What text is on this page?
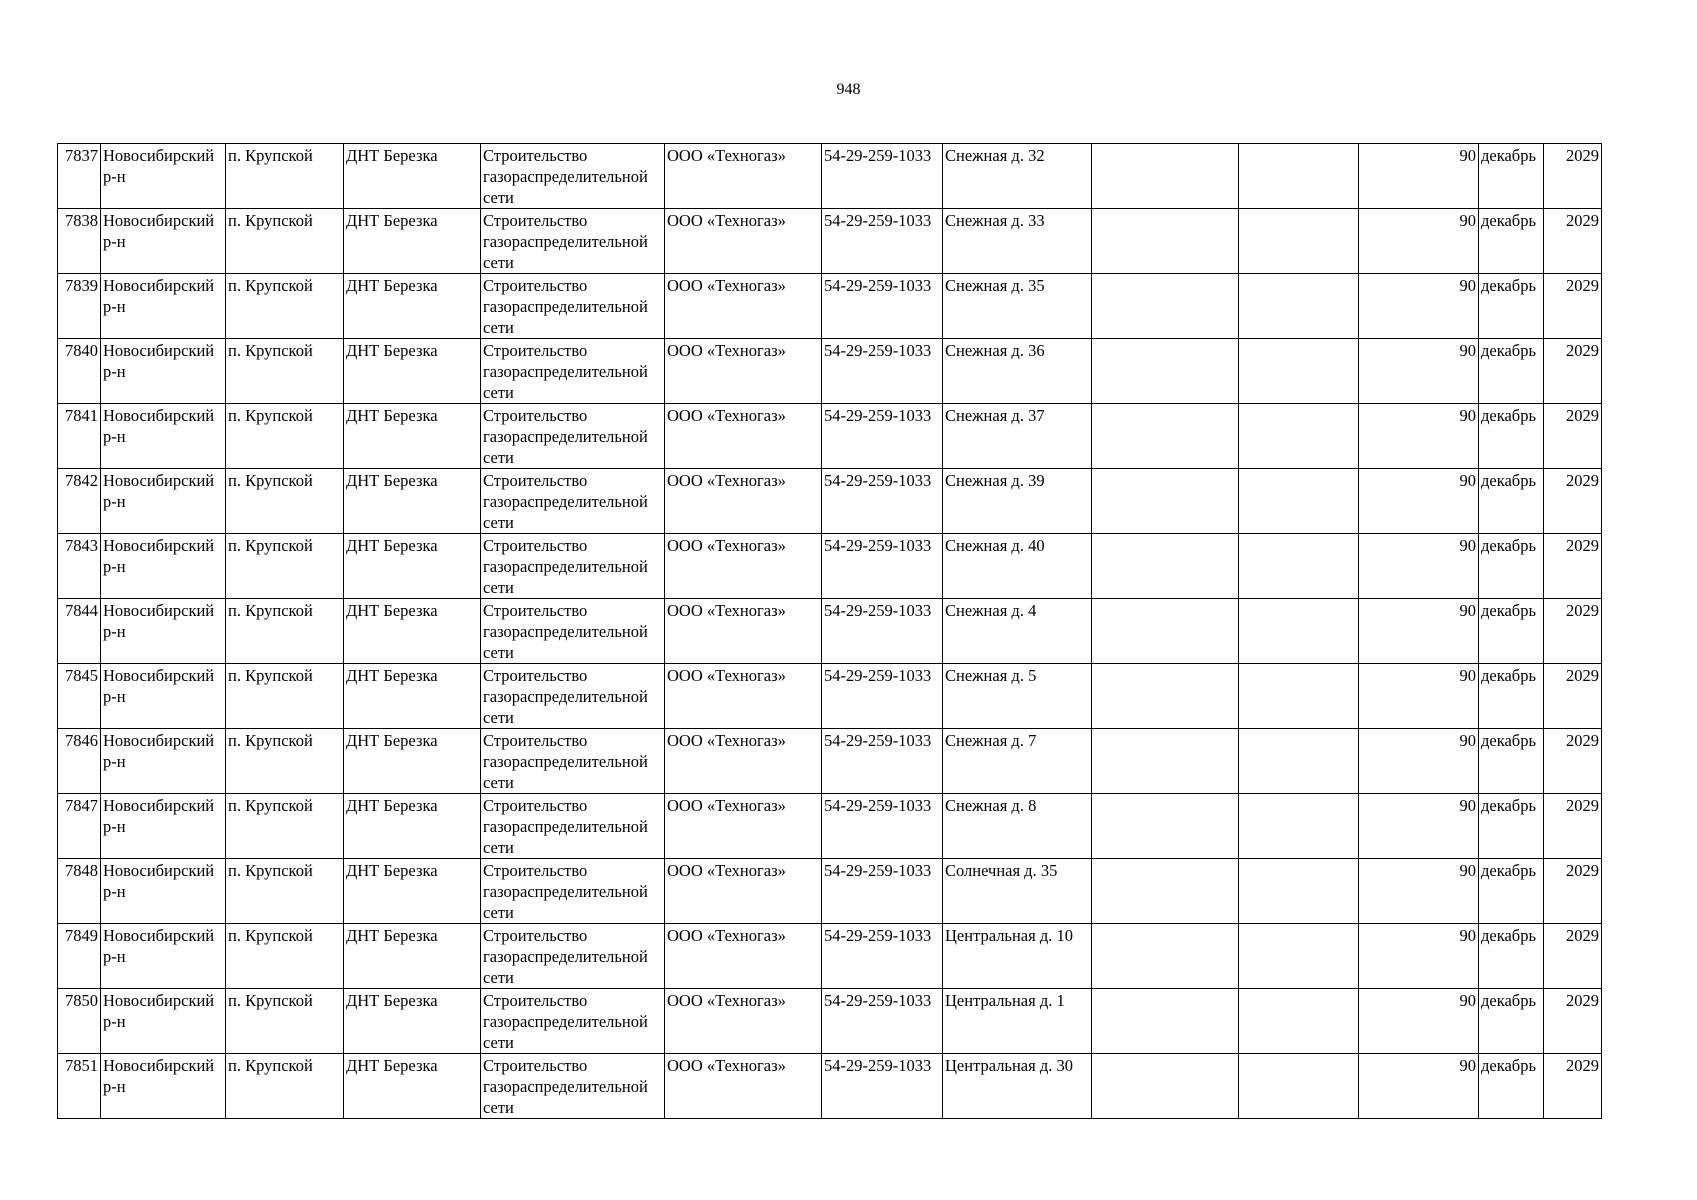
948
7837	Новосибирский р-н	п. Крупской	ДНТ Березка	Строительство газораспределительной сети	ООО «Техногаз»	54-29-259-1033	Снежная д. 32			90	декабрь	2029
7838	Новосибирский р-н	п. Крупской	ДНТ Березка	Строительство газораспределительной сети	ООО «Техногаз»	54-29-259-1033	Снежная д. 33			90	декабрь	2029
7839	Новосибирский р-н	п. Крупской	ДНТ Березка	Строительство газораспределительной сети	ООО «Техногаз»	54-29-259-1033	Снежная д. 35			90	декабрь	2029
7840	Новосибирский р-н	п. Крупской	ДНТ Березка	Строительство газораспределительной сети	ООО «Техногаз»	54-29-259-1033	Снежная д. 36			90	декабрь	2029
7841	Новосибирский р-н	п. Крупской	ДНТ Березка	Строительство газораспределительной сети	ООО «Техногаз»	54-29-259-1033	Снежная д. 37			90	декабрь	2029
7842	Новосибирский р-н	п. Крупской	ДНТ Березка	Строительство газораспределительной сети	ООО «Техногаз»	54-29-259-1033	Снежная д. 39			90	декабрь	2029
7843	Новосибирский р-н	п. Крупской	ДНТ Березка	Строительство газораспределительной сети	ООО «Техногаз»	54-29-259-1033	Снежная д. 40			90	декабрь	2029
7844	Новосибирский р-н	п. Крупской	ДНТ Березка	Строительство газораспределительной сети	ООО «Техногаз»	54-29-259-1033	Снежная д. 4			90	декабрь	2029
7845	Новосибирский р-н	п. Крупской	ДНТ Березка	Строительство газораспределительной сети	ООО «Техногаз»	54-29-259-1033	Снежная д. 5			90	декабрь	2029
7846	Новосибирский р-н	п. Крупской	ДНТ Березка	Строительство газораспределительной сети	ООО «Техногаз»	54-29-259-1033	Снежная д. 7			90	декабрь	2029
7847	Новосибирский р-н	п. Крупской	ДНТ Березка	Строительство газораспределительной сети	ООО «Техногаз»	54-29-259-1033	Снежная д. 8			90	декабрь	2029
7848	Новосибирский р-н	п. Крупской	ДНТ Березка	Строительство газораспределительной сети	ООО «Техногаз»	54-29-259-1033	Солнечная д. 35			90	декабрь	2029
7849	Новосибирский р-н	п. Крупской	ДНТ Березка	Строительство газораспределительной сети	ООО «Техногаз»	54-29-259-1033	Центральная д. 10			90	декабрь	2029
7850	Новосибирский р-н	п. Крупской	ДНТ Березка	Строительство газораспределительной сети	ООО «Техногаз»	54-29-259-1033	Центральная д. 1			90	декабрь	2029
7851	Новосибирский р-н	п. Крупской	ДНТ Березка	Строительство газораспределительной сети	ООО «Техногаз»	54-29-259-1033	Центральная д. 30			90	декабрь	2029
